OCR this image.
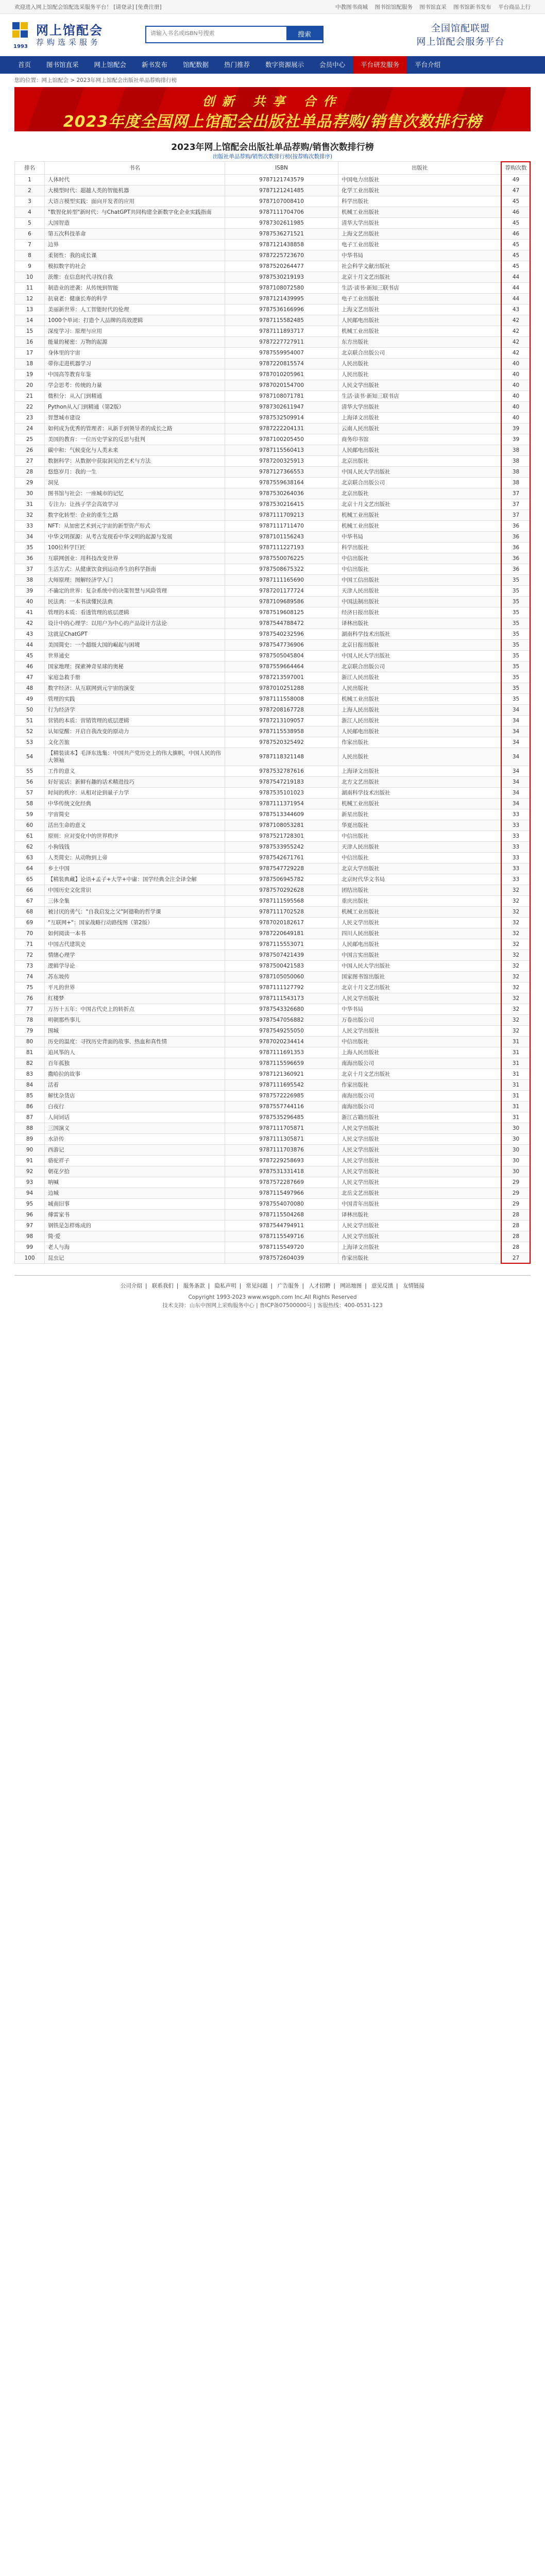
欢迎进入网上馆配会馆配选采服务平台！ [请登录] [免费注册]	中教图书商城 图书馆馆配服务 图书馆直采 图书馆新书发布 平台商品上行
网上馆配会
荐购选采服务
1993
请输入书名或ISBN号搜索
搜索	全国馆配联盟
网上馆配会服务平台
首页	图书馆直采	网上馆配会	新书发布	馆配数据	热门推荐	数字资源展示	会员中心	平台研发服务	平台介绍
您的位置：网上馆配会 > 2023年网上馆配会出版社单品荐购排行榜
创新 共享 合作
2023年度全国网上馆配会出版社单品荐购/销售次数排行榜
2023年网上馆配会出版社单品荐购/销售次数排行榜
出版社单品荐购/销售次数排行榜(按荐购次数排序)
排名	书名	ISBN	出版社	荐购次数
1	人体时代	9787121743579	中国电力出版社	49
2	大模型时代：超越人类的智能机器	9787121241485	化学工业出版社	47
3	大语言模型实践：面向开发者的应用	9787107008410	科学出版社	45
4	"数智化转型"新时代：与ChatGPT共同构建全新数字化企业实践指南	9787111704706	机械工业出版社	46
5	大国智造	9787302611985	清华大学出版社	45
6	第五次科技革命	9787536271521	上海文艺出版社	46
7	边界	9787121438858	电子工业出版社	45
8	柔韧性：我的成长课	9787225723670	中华书局	45
9	模拟数字的社会	9787520264477	社会科学文献出版社	45
10	茨维：在信息时代寻找自我	9787530219193	北京十月文艺出版社	44
11	制造业的逆袭：从传统到智能	9787108072580	生活·读书·新知三联书店	44
12	抗衰老：健康长寿的科学	9787121439995	电子工业出版社	44
13	美丽新世界：人工智能时代的伦理	9787536166996	上海文艺出版社	43
14	1000个单词：打造个人品牌的高效逻辑	9787115582485	人民邮电出版社	42
15	深度学习：原理与应用	9787111893717	机械工业出版社	42
16	能量的秘密：万物的起源	9787227727911	东方出版社	42
17	身体里的宇宙	9787559954007	北京联合出版公司	42
18	带你走进机器学习	9787220815574	人民出版社	40
19	中国高等教育年鉴	9787010205961	人民出版社	40
20	学会思考：传统的力量	9787020154700	人民文学出版社	40
21	微积分：从入门到精通	9787108071781	生活·读书·新知三联书店	40
22	Python从入门到精通（第2版）	9787302611947	清华大学出版社	40
23	智慧城市建设	9787532509914	上海译文出版社	40
24	如何成为优秀的管理者：从新手到领导者的成长之路	9787222204131	云南人民出版社	39
25	美国的教育：一位历史学家的反思与批判	9787100205450	商务印书馆	39
26	碳中和：气候变化与人类未来	9787115560413	人民邮电出版社	38
27	数据科学：从数据中获取洞见的艺术与方法	9787200325913	北京出版社	38
28	悠悠岁月：我的一生	9787127366553	中国人民大学出版社	38
29	洞见	9787559638164	北京联合出版公司	38
30	图书馆与社会：一座城市的记忆	9787530264036	北京出版社	37
31	专注力：让孩子学会高效学习	9787530216415	北京十月文艺出版社	37
32	数字化转型：企业的重生之路	9787111709213	机械工业出版社	37
33	NFT：从加密艺术到元宇宙的新型资产形式	9787111711470	机械工业出版社	36
34	中华文明探源：从考古发现看中华文明的起源与发展	9787101156243	中华书局	36
35	100位科学巨匠	9787111227193	科学出版社	36
36	互联网创业：用科技改变世界	9787550076225	中信出版社	36
37	生活方式：从健康饮食到运动养生的科学指南	9787508675322	中信出版社	36
38	大师原理：图解经济学入门	9787111165690	中国工信出版社	35
39	不确定的世界：复杂系统中的决策智慧与风险管理	9787201177724	天津人民出版社	35
40	民法典：一本书读懂民法典	9787109689586	中国法制出版社	35
41	管理的本质：看透管理的底层逻辑	9787519608125	经济日报出版社	35
42	设计中的心理学：以用户为中心的产品设计方法论	9787544788472	译林出版社	35
43	这就是ChatGPT	9787540232596	湖南科学技术出版社	35
44	美国简史：一个超级大国的崛起与困境	9787547736906	北京日报出版社	35
45	世界通史	9787505045804	中国人民大学出版社	35
46	国家地理：探索神奇星球的奥秘	9787559664464	北京联合出版公司	35
47	家庭急救手册	9787213597001	浙江人民出版社	35
48	数字经济：从互联网到元宇宙的演变	9787010251288	人民出版社	35
49	管理的实践	9787111558008	机械工业出版社	35
50	行为经济学	9787208167728	上海人民出版社	34
51	营销的本质：营销管理的底层逻辑	9787213109057	浙江人民出版社	34
52	认知觉醒：开启自我改变的原动力	9787115538958	人民邮电出版社	34
53	文化苦旅	9787520325492	作家出版社	34
54	【精装读本】毛泽东选集：中国共产党历史上的伟大旗帜，中国人民的伟大领袖	9787118321148	人民出版社	34
55	工作的意义	9787532787616	上海译文出版社	34
56	好好说话：新鲜有趣的话术精进技巧	9787547219183	北方文艺出版社	34
57	时间的秩序：从相对论到量子力学	9787535101023	湖南科学技术出版社	34
58	中华传统文化经典	9787111371954	机械工业出版社	34
59	宇宙简史	9787513344609	新星出版社	33
60	活出生命的意义	9787108053281	华夏出版社	33
61	原则：应对变化中的世界秩序	9787521728301	中信出版社	33
62	小狗钱钱	9787533955242	天津人民出版社	33
63	人类简史：从动物到上帝	9787542671761	中信出版社	33
64	乡土中国	9787547729228	北京大学出版社	33
65	【精装典藏】论语+孟子+大学+中庸：国学经典全注全译全解	9787506945782	北京时代华文书局	33
66	中国历史文化常识	9787570292628	团结出版社	32
67	三体全集	9787111595568	重庆出版社	32
68	被讨厌的勇气："自我启发之父"阿德勒的哲学课	9787111702528	机械工业出版社	32
69	"互联网+"：国家战略行动路线图（第2版）	9787020182617	人民文学出版社	32
70	如何阅读一本书	9787220649181	四川人民出版社	32
71	中国古代建筑史	9787115553071	人民邮电出版社	32
72	情绪心理学	9787507421439	中国言实出版社	32
73	逻辑学导论	9787500421583	中国人民大学出版社	32
74	苏东坡传	9787105050060	国家图书馆出版社	32
75	平凡的世界	9787111127792	北京十月文艺出版社	32
76	红楼梦	9787111543173	人民文学出版社	32
77	万历十五年：中国古代史上的转折点	9787543326680	中华书局	32
78	明朝那些事儿	9787547056882	万卷出版公司	32
79	围城	9787549255050	人民文学出版社	32
80	历史的温度：寻找历史背面的故事、热血和真性情	9787020234414	中信出版社	31
81	追风筝的人	9787111691353	上海人民出版社	31
82	百年孤独	9787115596659	南海出版公司	31
83	撒哈拉的故事	9787121360921	北京十月文艺出版社	31
84	活着	9787111695542	作家出版社	31
85	解忧杂货店	9787572226985	南海出版公司	31
86	白夜行	9787557744116	南海出版公司	31
87	人间词话	9787535296485	浙江古籍出版社	31
88	三国演义	9787111705871	人民文学出版社	30
89	水浒传	9787111305871	人民文学出版社	30
90	西游记	9787111703876	人民文学出版社	30
91	骆驼祥子	9787229258693	人民文学出版社	30
92	朝花夕拾	9787531331418	人民文学出版社	30
93	呐喊	9787572287669	人民文学出版社	29
94	边城	9787115497966	北岳文艺出版社	29
95	城南旧事	9787554070080	中国青年出版社	29
96	傅雷家书	9787115504268	译林出版社	28
97	钢铁是怎样炼成的	9787544794911	人民文学出版社	28
98	简·爱	9787115549716	人民文学出版社	28
99	老人与海	9787115549720	上海译文出版社	28
100	昆虫记	9787572604039	作家出版社	27
公司介绍 | 联系我们 | 服务条款 | 隐私声明 | 常见问题 | 广告服务 | 人才招聘 | 网站地图 | 意见反馈 | 友情链接
Copyright 1993-2023 www.wsgph.com Inc.All Rights Reserved
技术支持：山东中图网上采购服务中心 | 鲁ICP备07500000号 | 客服热线：400-0531-123
